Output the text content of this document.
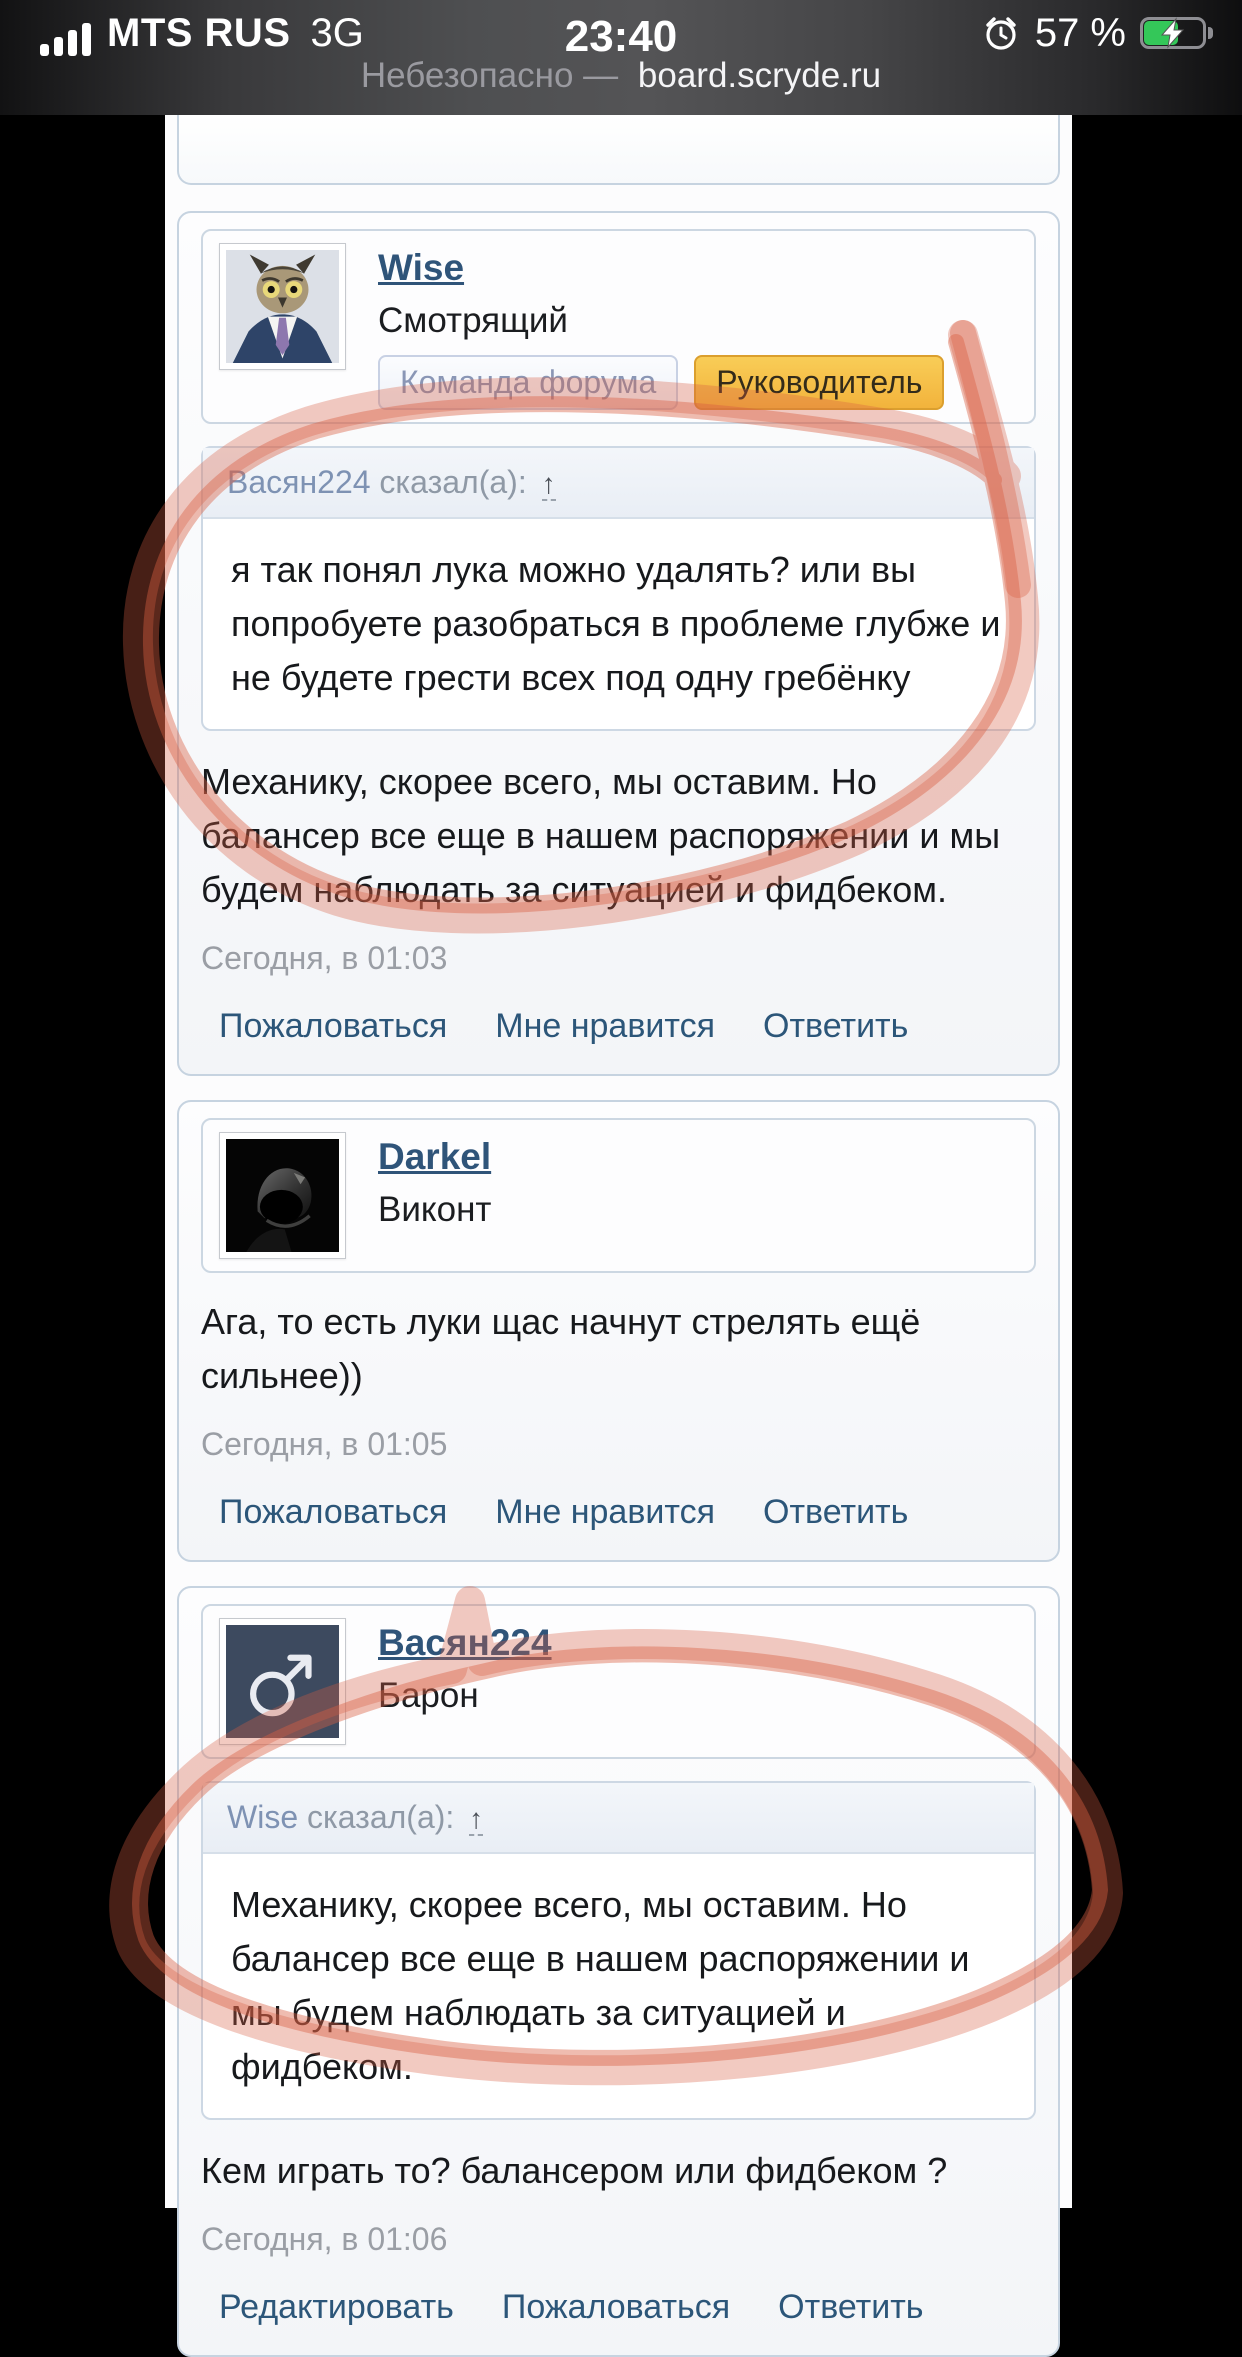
MTS RUS 3G	23:40	57 %
Небезопасно — board.scryde.ru
Wise
Смотрящий
Команда форума	Руководитель
Васян224 сказал(а): ↑
я так понял лука можно удалять? или вы попробуете разобраться в проблеме глубже и не будете грести всех под одну гребёнку

Механику, скорее всего, мы оставим. Но балансер все еще в нашем распоряжении и мы будем наблюдать за ситуацией и фидбеком.

Сегодня, в 01:03
Пожаловаться Мне нравится Ответить
Darkel
Виконт

Ага, то есть луки щас начнут стрелять ещё сильнее))

Сегодня, в 01:05
Пожаловаться Мне нравится Ответить
Васян224
Барон
Wise сказал(а): ↑
Механику, скорее всего, мы оставим. Но балансер все еще в нашем распоряжении и мы будем наблюдать за ситуацией и фидбеком.

Кем играть то? балансером или фидбеком ?

Сегодня, в 01:06
Редактировать Пожаловаться Ответить
